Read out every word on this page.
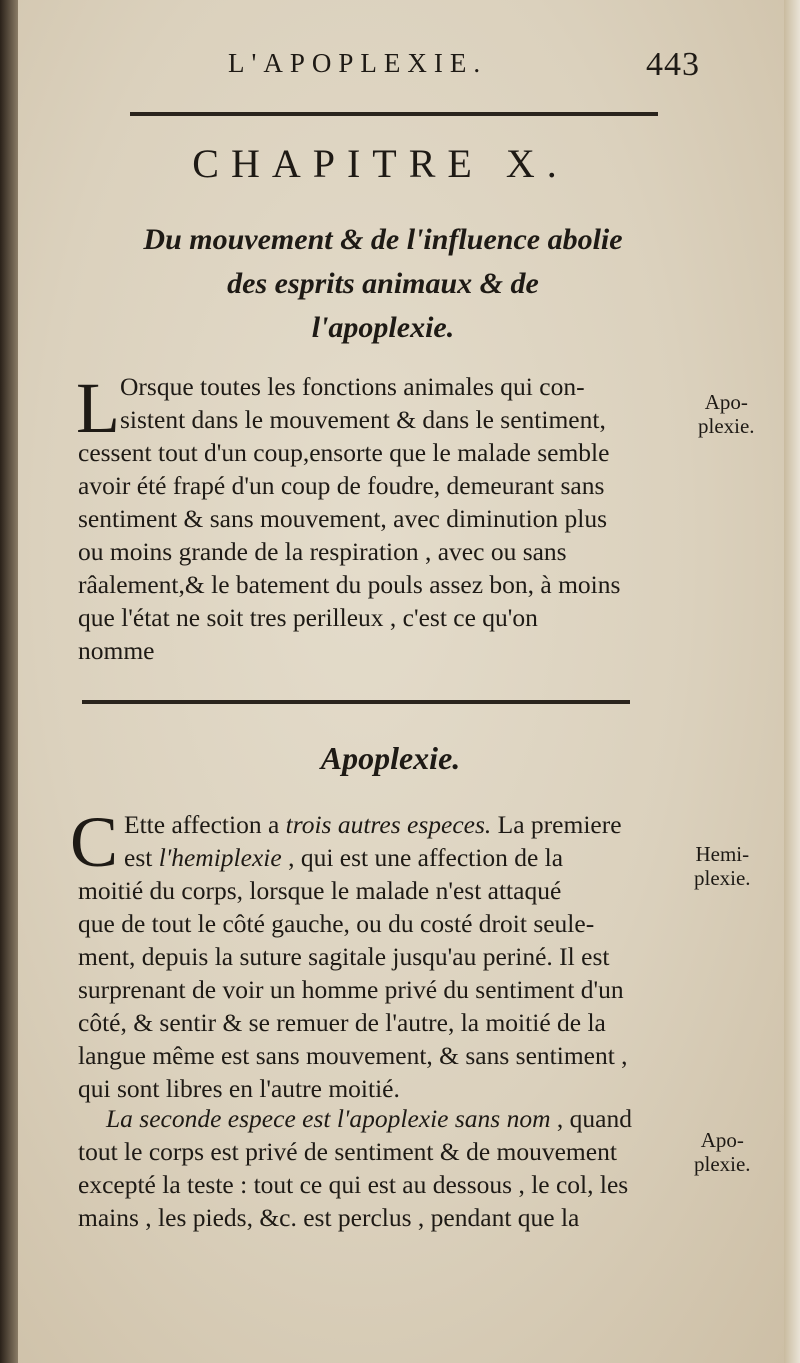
L'APOPLEXIE.	443
CHAPITRE X.
Du mouvement & de l'influence abolie
des esprits animaux & de
l'apoplexie.
L Orsque toutes les fonctions animales qui con-
sistent dans le mouvement & dans le sentiment,
cessent tout d'un coup,ensorte que le malade semble
avoir été frapé d'un coup de foudre, demeurant sans
sentiment & sans mouvement, avec diminution plus
ou moins grande de la respiration , avec ou sans
râalement,& le batement du pouls assez bon, à moins
que l'état ne soit tres perilleux , c'est ce qu'on
nomme
Apo-
plexie.
Apoplexie.
C Ette affection a trois autres especes. La premiere
est l'hemiplexie , qui est une affection de la
moitié du corps, lorsque le malade n'est attaqué
que de tout le côté gauche, ou du costé droit seule-
ment, depuis la suture sagitale jusqu'au periné. Il est
surprenant de voir un homme privé du sentiment d'un
côté, & sentir & se remuer de l'autre, la moitié de la
langue même est sans mouvement, & sans sentiment ,
qui sont libres en l'autre moitié.
Hemi-
plexie.
La seconde espece est l'apoplexie sans nom , quand
tout le corps est privé de sentiment & de mouvement
excepté la teste : tout ce qui est au dessous , le col, les
mains , les pieds, &c. est perclus , pendant que la
Apo-
plexie.
